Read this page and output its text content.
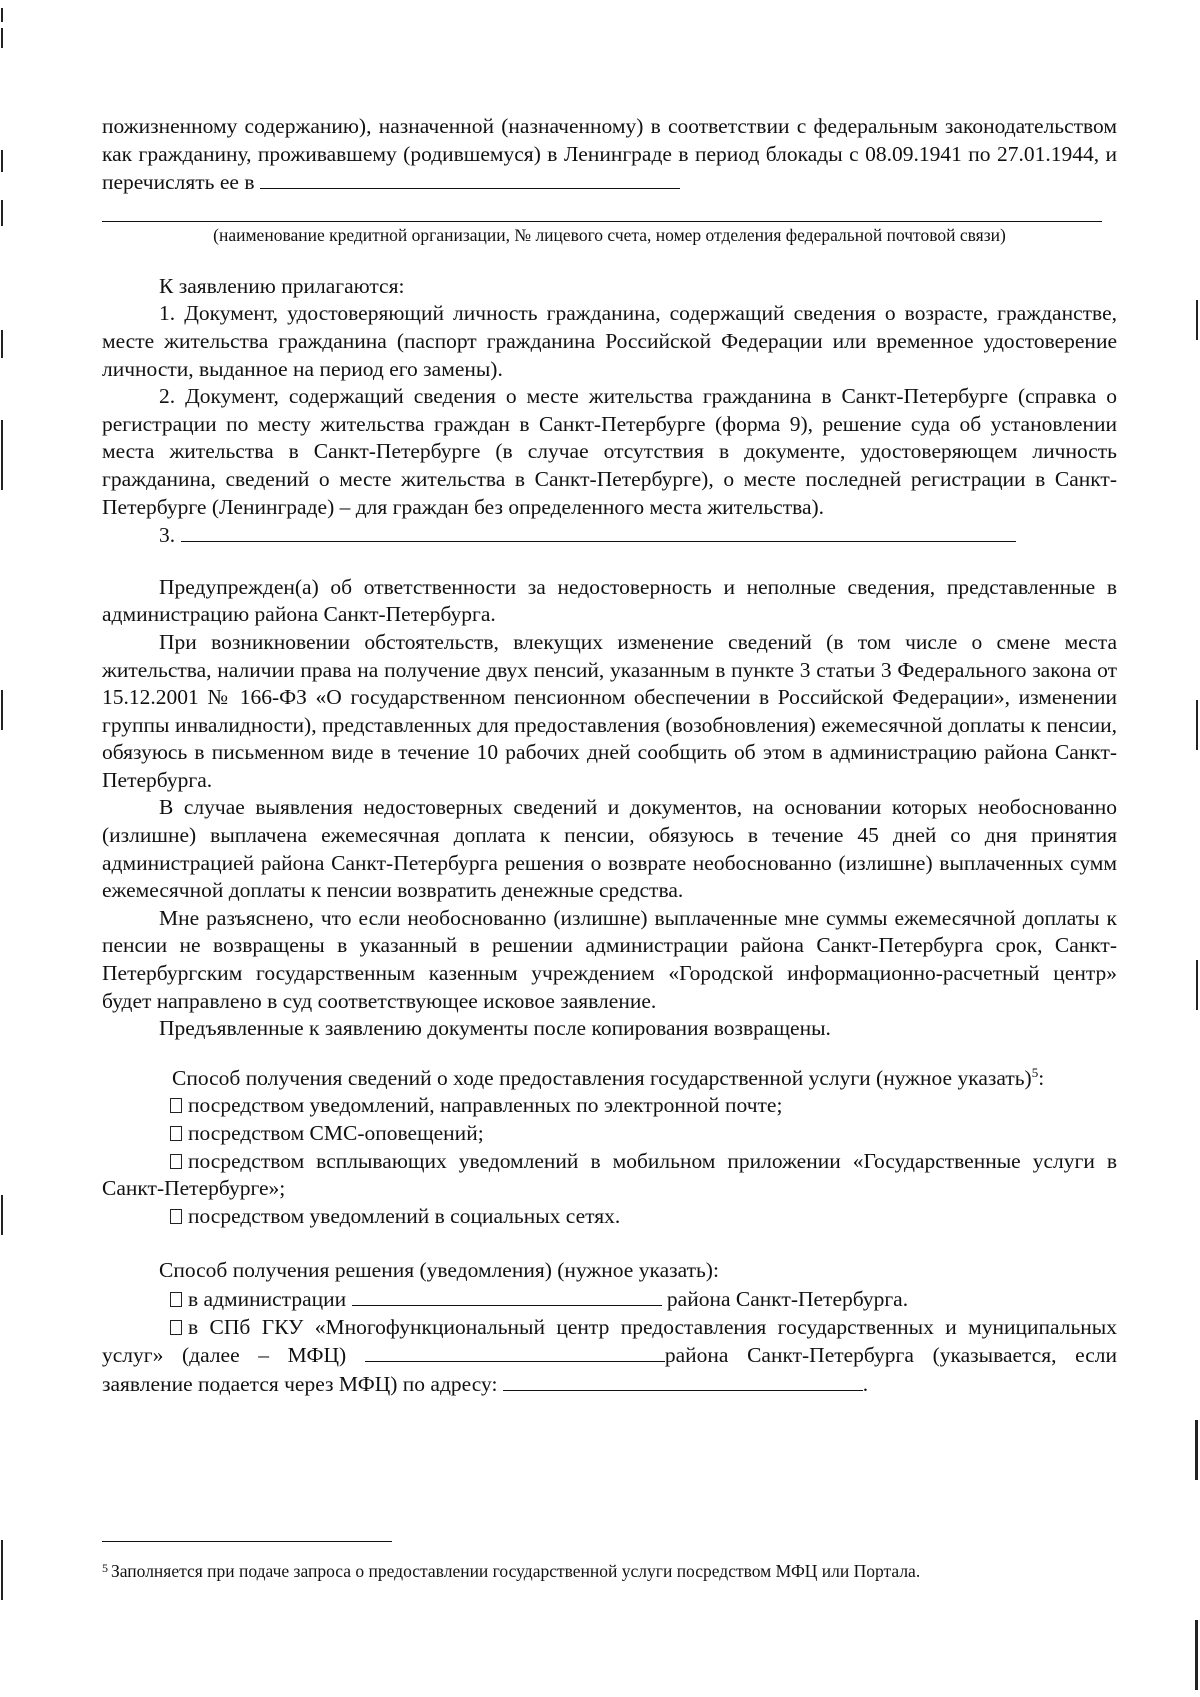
пожизненному содержанию), назначенной (назначенному) в соответствии с федеральным законодательством как гражданину, проживавшему (родившемуся) в Ленинграде в период блокады с 08.09.1941 по 27.01.1944, и перечислять ее в

(наименование кредитной организации, № лицевого счета, номер отделения федеральной почтовой связи)

К заявлению прилагаются:

1. Документ, удостоверяющий личность гражданина, содержащий сведения о возрасте, гражданстве, месте жительства гражданина (паспорт гражданина Российской Федерации или временное удостоверение личности, выданное на период его замены).

2. Документ, содержащий сведения о месте жительства гражданина в Санкт-Петербурге (справка о регистрации по месту жительства граждан в Санкт-Петербурге (форма 9), решение суда об установлении места жительства в Санкт-Петербурге (в случае отсутствия в документе, удостоверяющем личность гражданина, сведений о месте жительства в Санкт-Петербурге), о месте последней регистрации в Санкт-Петербурге (Ленинграде) – для граждан без определенного места жительства).

3.

Предупрежден(а) об ответственности за недостоверность и неполные сведения, представленные в администрацию района Санкт-Петербурга.

При возникновении обстоятельств, влекущих изменение сведений (в том числе о смене места жительства, наличии права на получение двух пенсий, указанным в пункте 3 статьи 3 Федерального закона от 15.12.2001 № 166-ФЗ «О государственном пенсионном обеспечении в Российской Федерации», изменении группы инвалидности), представленных для предоставления (возобновления) ежемесячной доплаты к пенсии, обязуюсь в письменном виде в течение 10 рабочих дней сообщить об этом в администрацию района Санкт-Петербурга.

В случае выявления недостоверных сведений и документов, на основании которых необоснованно (излишне) выплачена ежемесячная доплата к пенсии, обязуюсь в течение 45 дней со дня принятия администрацией района Санкт-Петербурга решения о возврате необоснованно (излишне) выплаченных сумм ежемесячной доплаты к пенсии возвратить денежные средства.

Мне разъяснено, что если необоснованно (излишне) выплаченные мне суммы ежемесячной доплаты к пенсии не возвращены в указанный в решении администрации района Санкт-Петербурга срок, Санкт-Петербургским государственным казенным учреждением «Городской информационно-расчетный центр» будет направлено в суд соответствующее исковое заявление.

Предъявленные к заявлению документы после копирования возвращены.

Способ получения сведений о ходе предоставления государственной услуги (нужное указать)$^5$:

посредством уведомлений, направленных по электронной почте;

посредством СМС-оповещений;

посредством всплывающих уведомлений в мобильном приложении «Государственные услуги в Санкт-Петербурге»;

посредством уведомлений в социальных сетях.

Способ получения решения (уведомления) (нужное указать):

в администрации	района Санкт-Петербурга.

в СПб ГКУ «Многофункциональный центр предоставления государственных и муниципальных услуг» (далее – МФЦ)	района Санкт-Петербурга (указывается, если заявление подается через МФЦ) по адресу:	.

$^5$ Заполняется при подаче запроса о предоставлении государственной услуги посредством МФЦ или Портала.
